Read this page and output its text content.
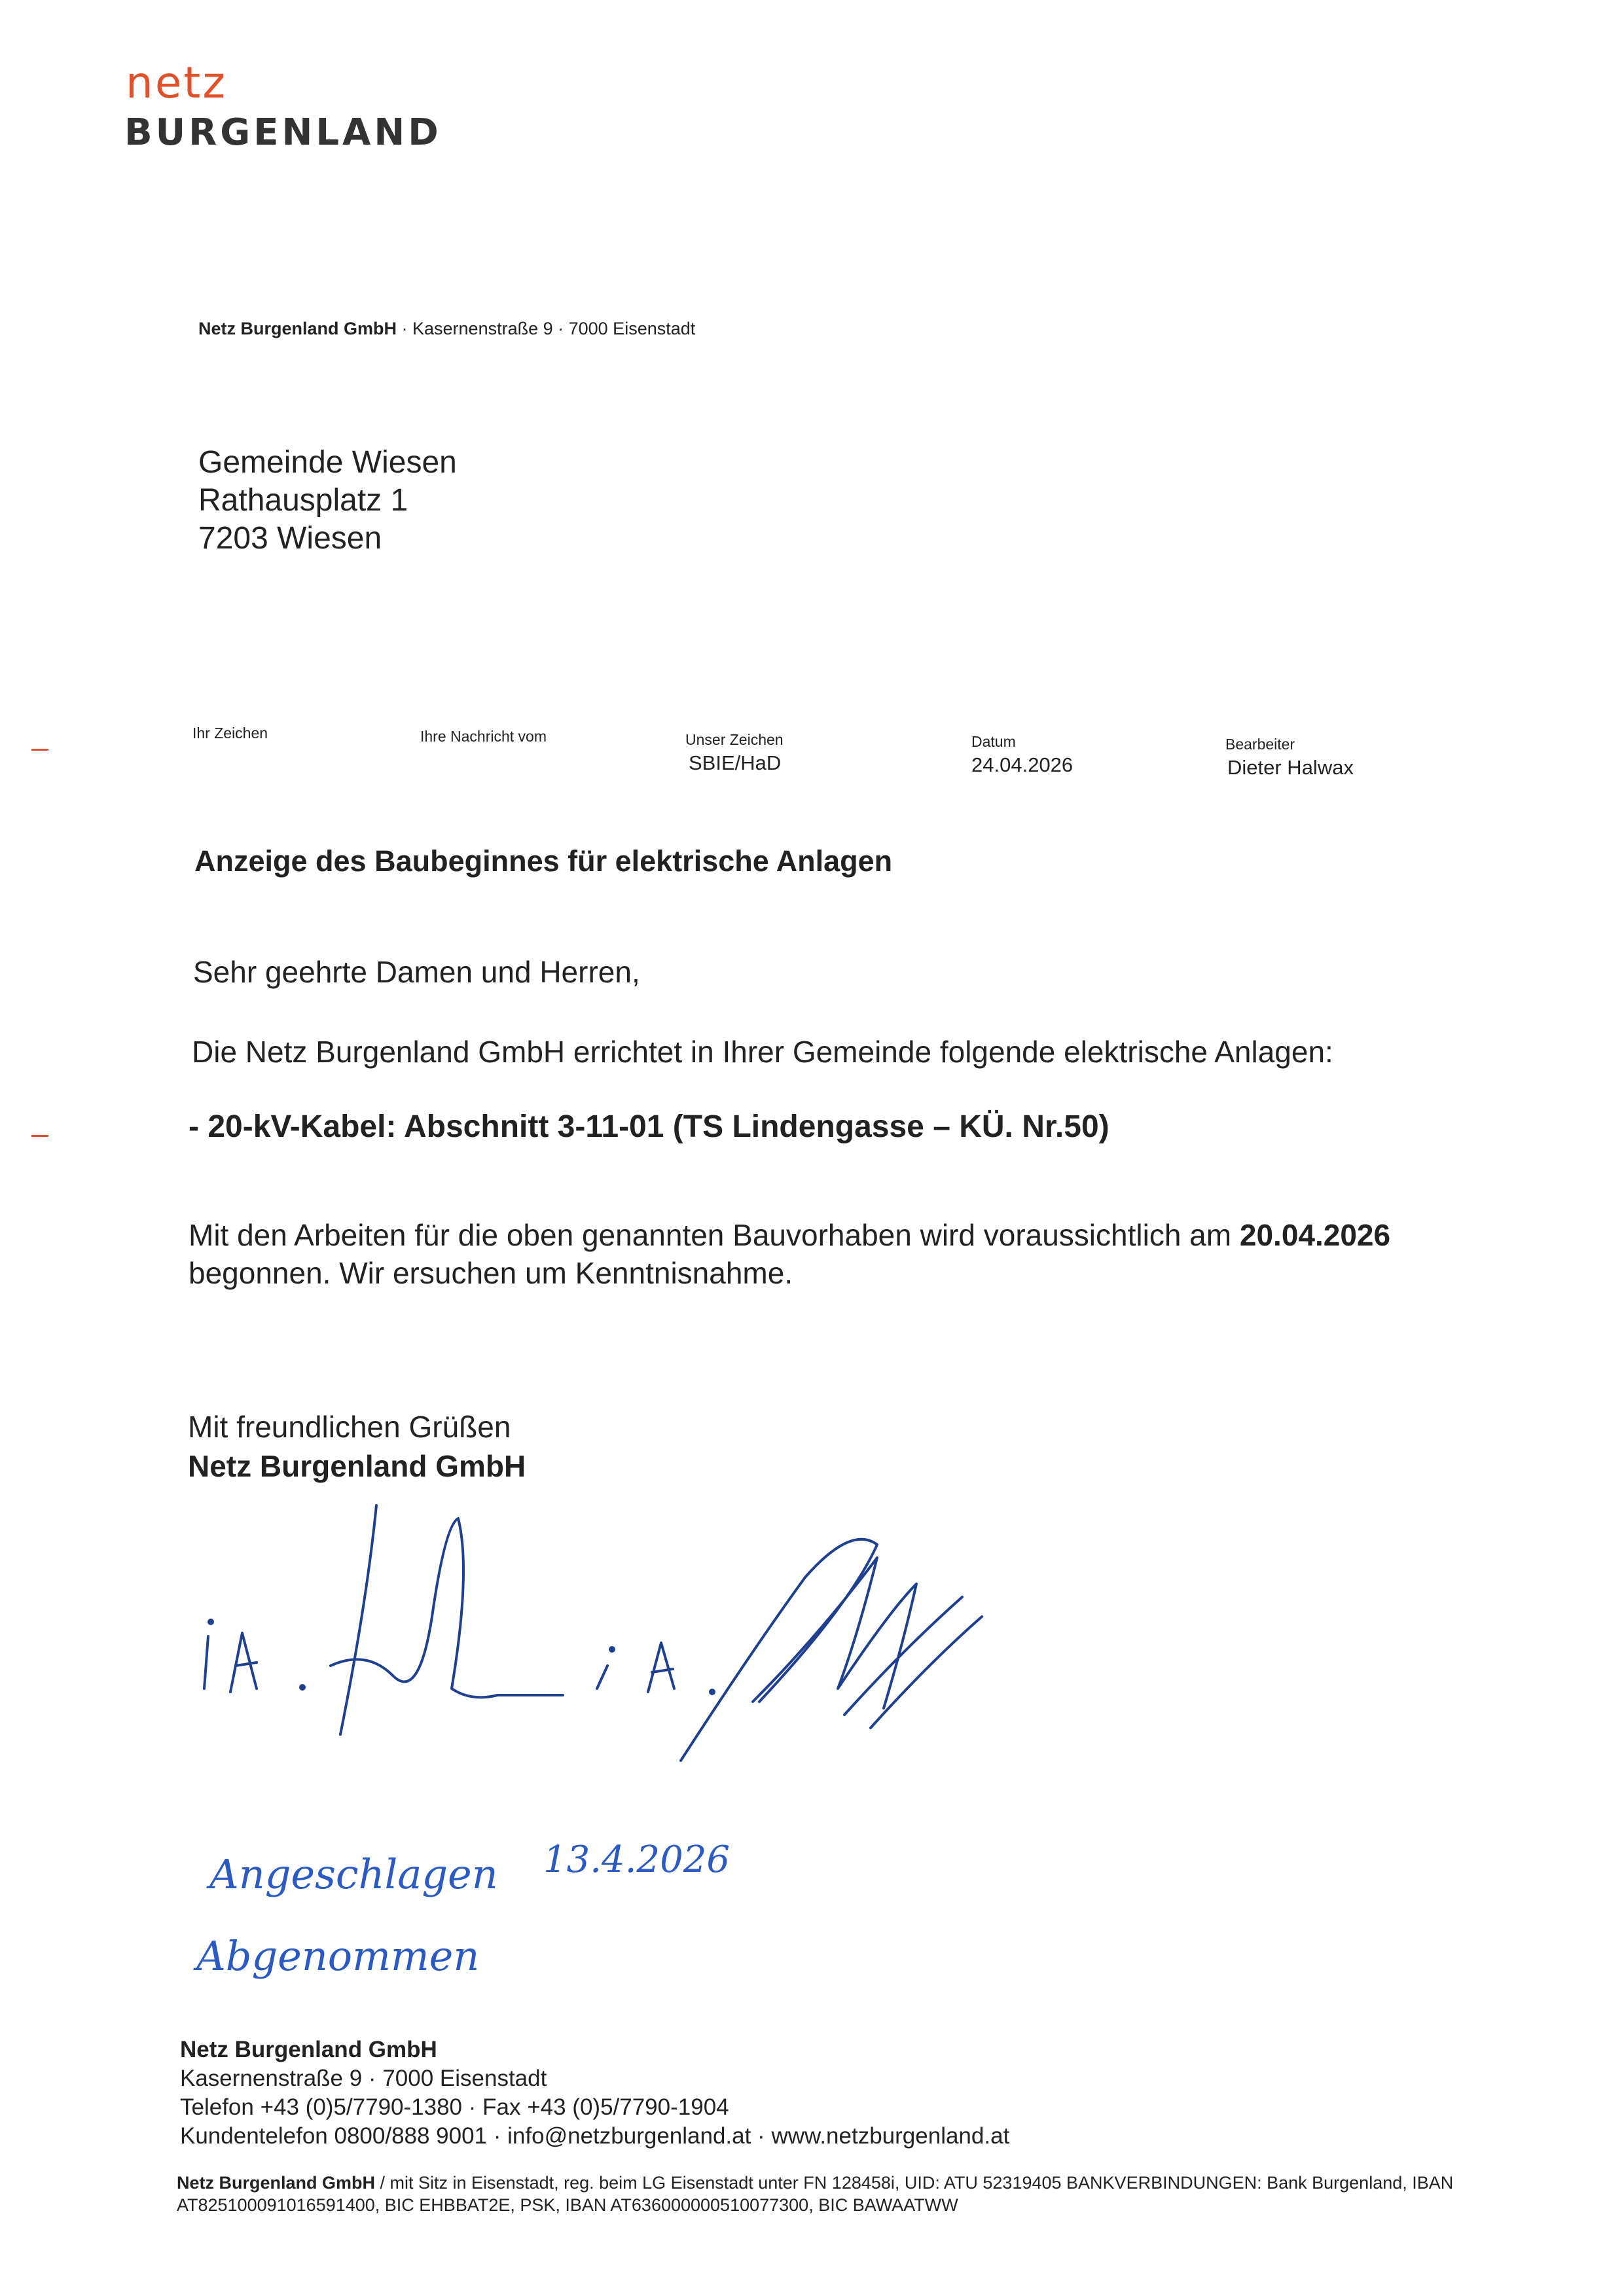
netz
BURGENLAND
Netz Burgenland GmbH · Kasernenstraße 9 · 7000 Eisenstadt
Gemeinde Wiesen
Rathausplatz 1
7203 Wiesen
Ihr Zeichen	Ihre Nachricht vom	Unser Zeichen
SBIE/HaD
Datum
24.04.2026
Bearbeiter
Dieter Halwax
Anzeige des Baubeginnes für elektrische Anlagen
Sehr geehrte Damen und Herren,
Die Netz Burgenland GmbH errichtet in Ihrer Gemeinde folgende elektrische Anlagen:
- 20-kV-Kabel: Abschnitt 3-11-01 (TS Lindengasse – KÜ. Nr.50)
Mit den Arbeiten für die oben genannten Bauvorhaben wird voraussichtlich am 20.04.2026
begonnen. Wir ersuchen um Kenntnisnahme.
Mit freundlichen Grüßen
Netz Burgenland GmbH
Angeschlagen 13.4.2026
Abgenommen
Netz Burgenland GmbH
Kasernenstraße 9 · 7000 Eisenstadt
Telefon +43 (0)5/7790-1380 · Fax +43 (0)5/7790-1904
Kundentelefon 0800/888 9001 · info@netzburgenland.at · www.netzburgenland.at
Netz Burgenland GmbH / mit Sitz in Eisenstadt, reg. beim LG Eisenstadt unter FN 128458i, UID: ATU 52319405 BANKVERBINDUNGEN: Bank Burgenland, IBAN AT825100091016591400, BIC EHBBAT2E, PSK, IBAN AT636000000510077300, BIC BAWAATWW
